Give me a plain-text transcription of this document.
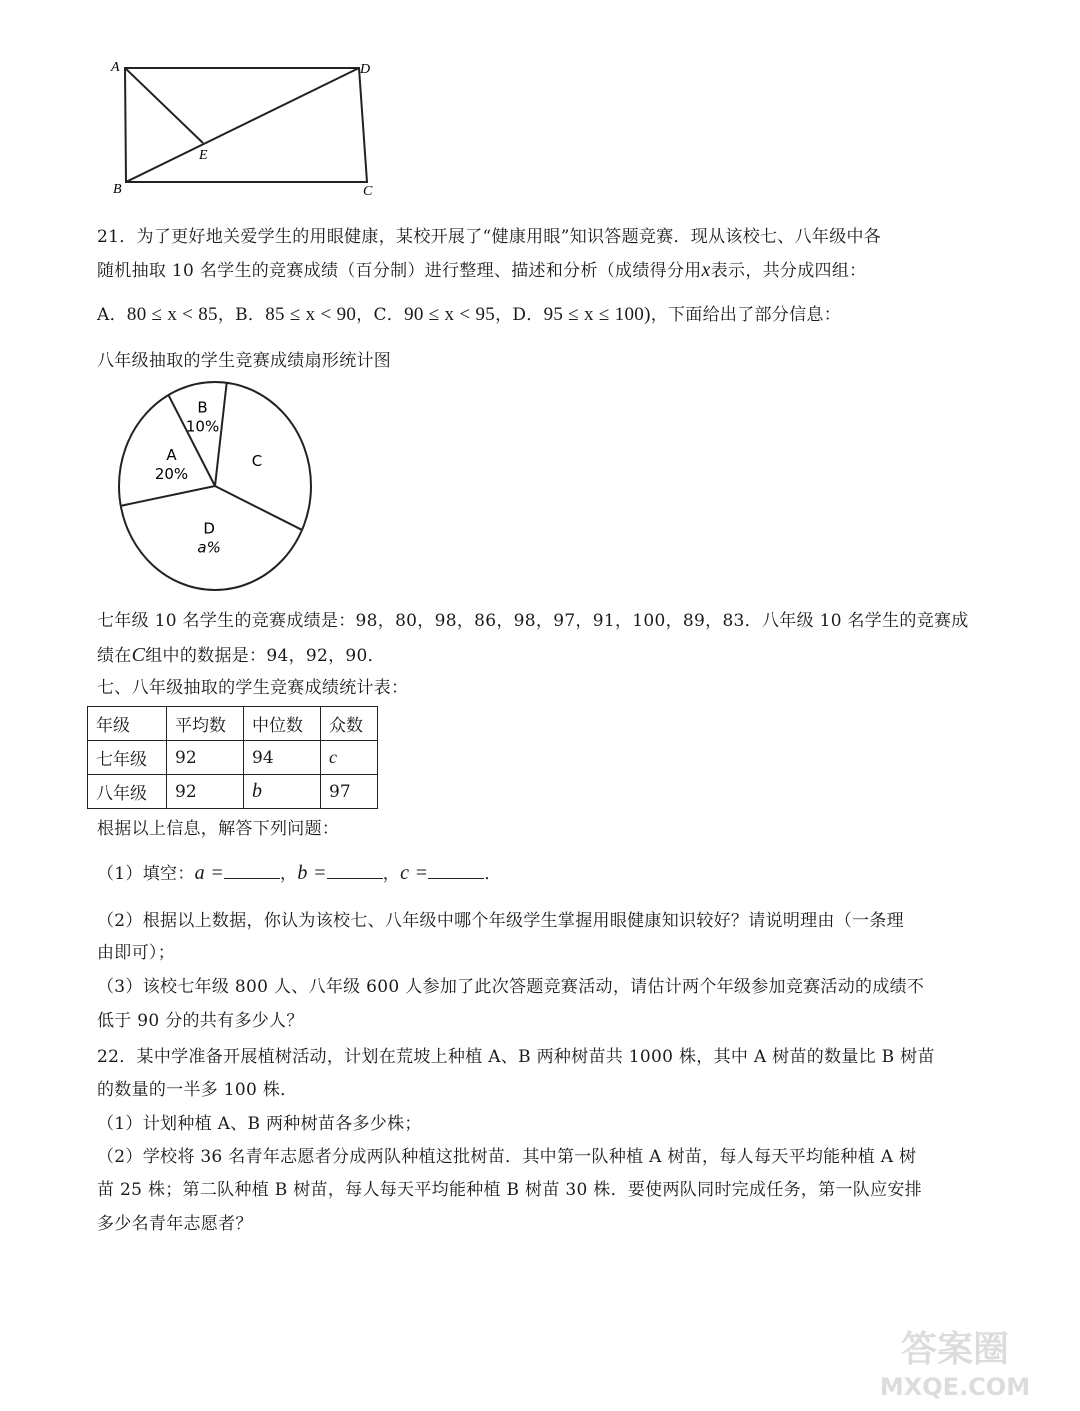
A
B	C
D
E
21．为了更好地关爱学生的用眼健康，某校开展了“健康用眼”知识答题竞赛．现从该校七、八年级中各
随机抽取 10 名学生的竞赛成绩（百分制）进行整理、描述和分析（成绩得分用x表示，共分成四组：
A．80 ≤ x < 85，B．85 ≤ x < 90，C．90 ≤ x < 95，D．95 ≤ x ≤ 100)，下面给出了部分信息：
八年级抽取的学生竞赛成绩扇形统计图
C
D
a%
A
20%
B
10%
七年级 10 名学生的竞赛成绩是：98，80，98，86，98，97，91，100，89，83．八年级 10 名学生的竞赛成
绩在C组中的数据是：94，92，90．
七、八年级抽取的学生竞赛成绩统计表：
年级	平均数	中位数	众数
七年级	92	94	c
八年级	92	b	97
根据以上信息，解答下列问题：
（1）填空：a =	，b =	，c =	．
（2）根据以上数据，你认为该校七、八年级中哪个年级学生掌握用眼健康知识较好？请说明理由（一条理
由即可）；
（3）该校七年级 800 人、八年级 600 人参加了此次答题竞赛活动，请估计两个年级参加竞赛活动的成绩不
低于 90 分的共有多少人？
22．某中学准备开展植树活动，计划在荒坡上种植 A、B 两种树苗共 1000 株，其中 A 树苗的数量比 B 树苗
的数量的一半多 100 株．
（1）计划种植 A、B 两种树苗各多少株；
（2）学校将 36 名青年志愿者分成两队种植这批树苗．其中第一队种植 A 树苗，每人每天平均能种植 A 树
苗 25 株；第二队种植 B 树苗，每人每天平均能种植 B 树苗 30 株．要使两队同时完成任务，第一队应安排
多少名青年志愿者？
答案圈
MXQE.COM
